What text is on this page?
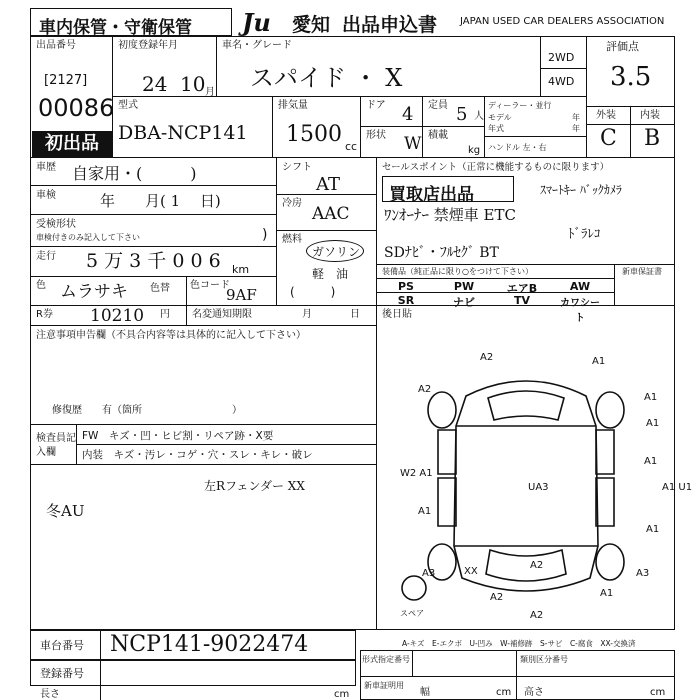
車内保管・守衛保管 Ju	愛知 出品申込書 JAPAN USED CAR DEALERS ASSOCIATION
出品番号
[2127]
00086
初出品
初度登録年月
24 10 月
車名・グレード
スパイド ・ X
2WD
4WD
評価点
3.5
外装 内装
C B
型式
DBA-NCP141
排気量
1500 cc
ドア 4 定員 5 人
形状 W 積載
kg
ディーラー・並行
モデル	年
年式	年
ハンドル 左・右
車歴 自家用・(　　　)
車検	年　　月( 1　 日)
受検形状
車検付きのみ記入して下さい	)
走行 5 万 3 千 0 0 6 km
色 ムラサキ 色替 色コード
9AF
シフト
AT
冷房
AAC
燃料
ガソリン
軽　油
(　　　)
セールスポイント（正常に機能するものに限ります）
買取店出品	ｽﾏｰﾄｷｰ ﾊﾞｯｸｶﾒﾗ
ﾜﾝｵｰﾅｰ 禁煙車 ETC
ﾄﾞﾗﾚｺ
SDﾅﾋﾞ・ﾌﾙｾｸﾞ BT
装備品（純正品に限り○をつけて下さい）	新車保証書
PS	PW	エアB	AW
SR	ナビ	TV	カワシート
R券 10210 円 名変通知期限	月	日 後日貼
注意事項申告欄（不具合内容等は具体的に記入して下さい）
修復歴　　有（箇所　　　　　　　　　）
検査員記入欄
FW　キズ・凹・ヒビ割・リペア跡・X要
内装　キズ・汚レ・コゲ・穴・スレ・キレ・破レ
左Rフェンダー XX
冬AU
A2	A1
A2
A1
A1
A1
W2 A1
A1
UA3	A1 U1
A1
A3	XX
A2
A2
A3
A2
A1
スペア
A-キズ　E-エクボ　U-凹み　W-補修跡　S-サビ　C-腐食　XX-交換済
車台番号 NCP141-9022474
登録番号
長さ	cm
形式指定番号	類別区分番号
新車証明用
幅	cm 高さ	cm
